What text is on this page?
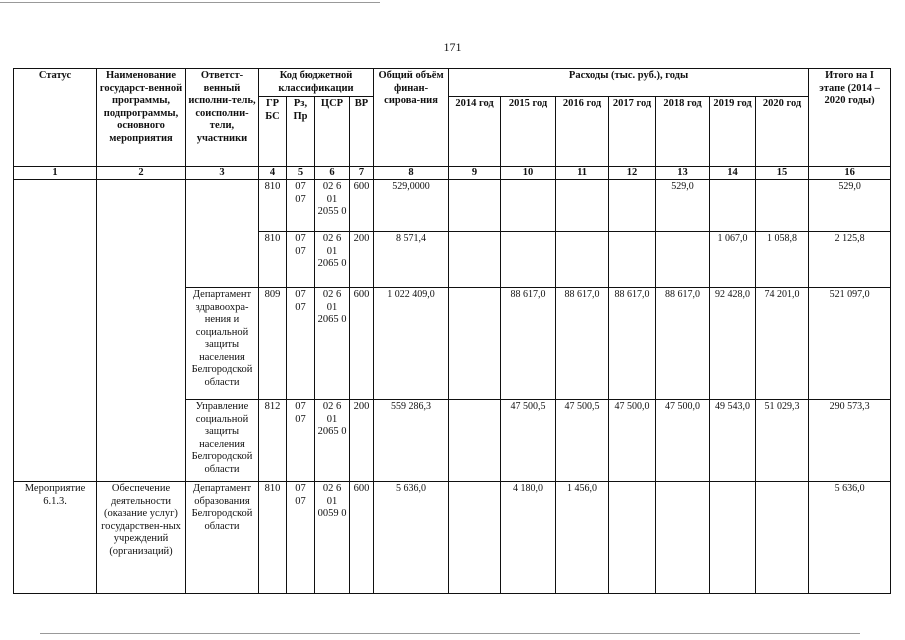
171
Статус	Наименование государст-венной программы, подпрограммы, основного мероприятия	Ответст-венный исполни-тель, соисполни-тели, участники	Код бюджетной классификации				Общий объём финан-сирова-ния	Расходы (тыс. руб.), годы							Итого на I этапе (2014 – 2020 годы)
			ГР БС	Рз, Пр	ЦСР	ВР		2014 год	2015 год	2016 год	2017 год	2018 год	2019 год	2020 год	
1	2	3	4	5	6	7	8	9	10	11	12	13	14	15	16
			810	07 07	02 6 01 2055 0	600	529,0000					529,0			529,0
			810	07 07	02 6 01 2065 0	200	8 571,4						1 067,0	1 058,8	2 125,8
		Департамент здравоохра-нения и социальной защиты населения Белгородской области	809	07 07	02 6 01 2065 0	600	1 022 409,0		88 617,0	88 617,0	88 617,0	88 617,0	92 428,0	74 201,0	521 097,0
		Управление социальной защиты населения Белгородской области	812	07 07	02 6 01 2065 0	200	559 286,3		47 500,5	47 500,5	47 500,0	47 500,0	49 543,0	51 029,3	290 573,3
Мероприятие 6.1.3.	Обеспечение деятельности (оказание услуг) государствен-ных учреждений (организаций)	Департамент образования Белгородской области	810	07 07	02 6 01 0059 0	600	5 636,0		4 180,0	1 456,0					5 636,0
